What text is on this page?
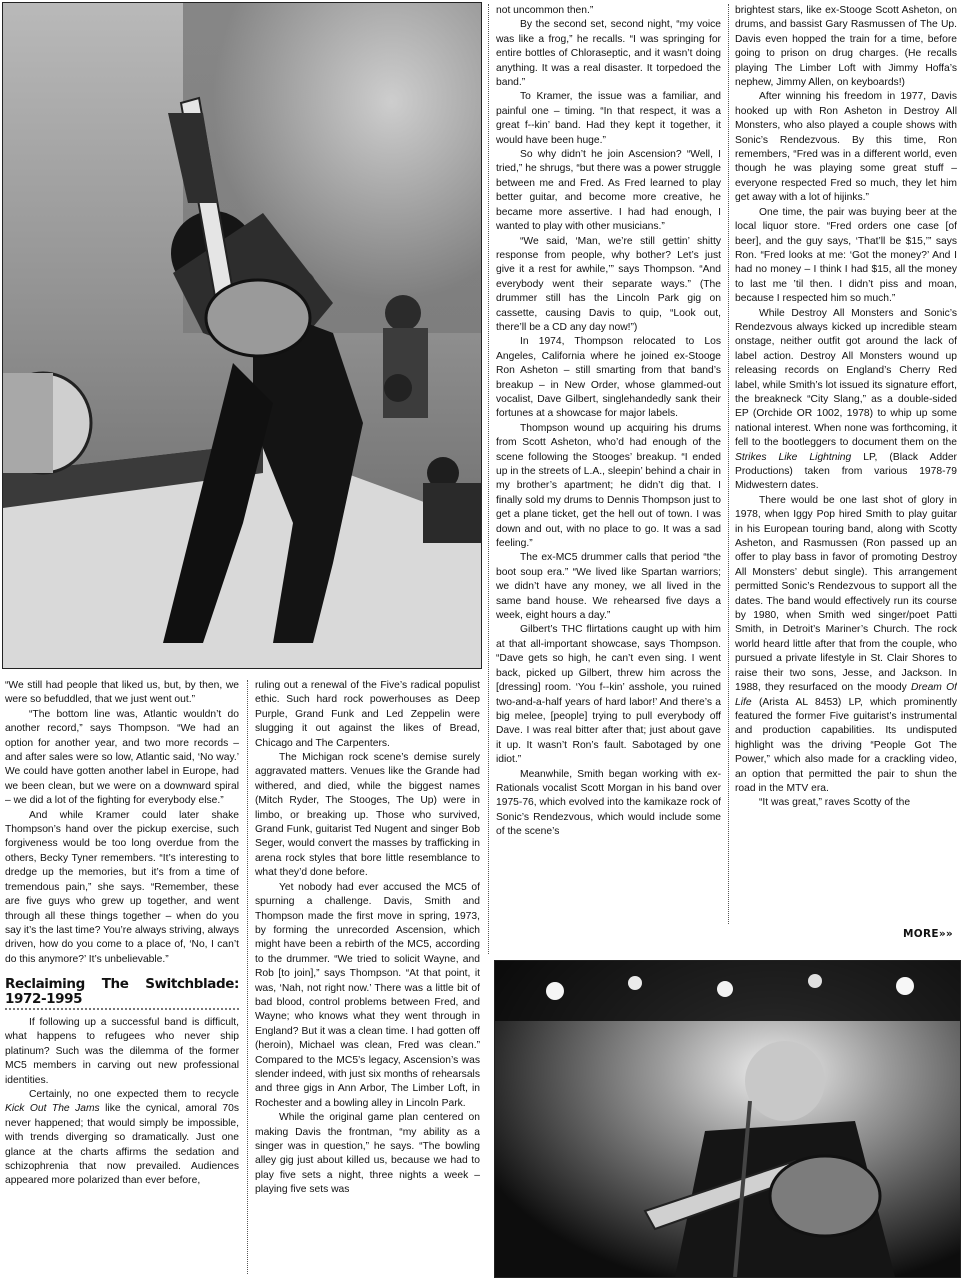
“We still had people that liked us, but, by then, we were so befuddled, that we just went out.”

“The bottom line was, Atlantic wouldn’t do another record,” says Thompson. “We had an option for another year, and two more records – and after sales were so low, Atlantic said, ‘No way.’ We could have gotten another label in Europe, had we been clean, but we were on a downward spiral – we did a lot of the fighting for everybody else.”

And while Kramer could later shake Thompson’s hand over the pickup exercise, such forgiveness would be too long overdue from the others, Becky Tyner remembers. “It’s interesting to dredge up the memories, but it’s from a time of tremendous pain,” she says. “Remember, these are five guys who grew up together, and went through all these things together – when do you say it’s the last time? You’re always striving, always driven, how do you come to a place of, ‘No, I can’t do this anymore?’ It’s unbelievable.”

Reclaiming The Switchblade: 1972-1995

If following up a successful band is difficult, what happens to refugees who never ship platinum? Such was the dilemma of the former MC5 members in carving out new professional identities.

Certainly, no one expected them to recycle Kick Out The Jams like the cynical, amoral 70s never happened; that would simply be impossible, with trends diverging so dramatically. Just one glance at the charts affirms the sedation and schizophrenia that now prevailed. Audiences appeared more polarized than ever before,

ruling out a renewal of the Five’s radical populist ethic. Such hard rock powerhouses as Deep Purple, Grand Funk and Led Zeppelin were slugging it out against the likes of Bread, Chicago and The Carpenters.

The Michigan rock scene’s demise surely aggravated matters. Venues like the Grande had withered, and died, while the biggest names (Mitch Ryder, The Stooges, The Up) were in limbo, or breaking up. Those who survived, Grand Funk, guitarist Ted Nugent and singer Bob Seger, would convert the masses by trafficking in arena rock styles that bore little resemblance to what they’d done before.

Yet nobody had ever accused the MC5 of spurning a challenge. Davis, Smith and Thompson made the first move in spring, 1973, by forming the unrecorded Ascension, which might have been a rebirth of the MC5, according to the drummer. “We tried to solicit Wayne, and Rob [to join],” says Thompson. “At that point, it was, ‘Nah, not right now.’ There was a little bit of bad blood, control problems between Fred, and Wayne; who knows what they went through in England? But it was a clean time. I had gotten off (heroin), Michael was clean, Fred was clean.” Compared to the MC5’s legacy, Ascension’s was slender indeed, with just six months of rehearsals and three gigs in Ann Arbor, The Limber Loft, in Rochester and a bowling alley in Lincoln Park.

While the original game plan centered on making Davis the frontman, “my ability as a singer was in question,” he says. “The bowling alley gig just about killed us, because we had to play five sets a night, three nights a week – playing five sets was

not uncommon then.”

By the second set, second night, “my voice was like a frog,” he recalls. “I was springing for entire bottles of Chloraseptic, and it wasn’t doing anything. It was a real disaster. It torpedoed the band.”

To Kramer, the issue was a familiar, and painful one – timing. “In that respect, it was a great f--kin’ band. Had they kept it together, it would have been huge.”

So why didn’t he join Ascension? “Well, I tried,” he shrugs, “but there was a power struggle between me and Fred. As Fred learned to play better guitar, and become more creative, he became more assertive. I had had enough, I wanted to play with other musicians.”

“We said, ‘Man, we’re still gettin’ shitty response from people, why bother? Let’s just give it a rest for awhile,’” says Thompson. “And everybody went their separate ways.” (The drummer still has the Lincoln Park gig on cassette, causing Davis to quip, “Look out, there’ll be a CD any day now!”)

In 1974, Thompson relocated to Los Angeles, California where he joined ex-Stooge Ron Asheton – still smarting from that band’s breakup – in New Order, whose glammed-out vocalist, Dave Gilbert, singlehandedly sank their fortunes at a showcase for major labels.

Thompson wound up acquiring his drums from Scott Asheton, who’d had enough of the scene following the Stooges’ breakup. “I ended up in the streets of L.A., sleepin’ behind a chair in my brother’s apartment; he didn’t dig that. I finally sold my drums to Dennis Thompson just to get a plane ticket, get the hell out of town. I was down and out, with no place to go. It was a sad feeling.”

The ex-MC5 drummer calls that period “the boot soup era.” “We lived like Spartan warriors; we didn’t have any money, we all lived in the same band house. We rehearsed five days a week, eight hours a day.”

Gilbert’s THC flirtations caught up with him at that all-important showcase, says Thompson. “Dave gets so high, he can’t even sing. I went back, picked up Gilbert, threw him across the [dressing] room. ‘You f--kin’ asshole, you ruined two-and-a-half years of hard labor!’ And there’s a big melee, [people] trying to pull everybody off Dave. I was real bitter after that; just about gave it up. It wasn’t Ron’s fault. Sabotaged by one idiot.”

Meanwhile, Smith began working with ex-Rationals vocalist Scott Morgan in his band over 1975-76, which evolved into the kamikaze rock of Sonic’s Rendezvous, which would include some of the scene’s

brightest stars, like ex-Stooge Scott Asheton, on drums, and bassist Gary Rasmussen of The Up. Davis even hopped the train for a time, before going to prison on drug charges. (He recalls playing The Limber Loft with Jimmy Hoffa’s nephew, Jimmy Allen, on keyboards!)

After winning his freedom in 1977, Davis hooked up with Ron Asheton in Destroy All Monsters, who also played a couple shows with Sonic’s Rendezvous. By this time, Ron remembers, “Fred was in a different world, even though he was playing some great stuff – everyone respected Fred so much, they let him get away with a lot of hijinks.”

One time, the pair was buying beer at the local liquor store. “Fred orders one case [of beer], and the guy says, ‘That’ll be $15,’” says Ron. “Fred looks at me: ‘Got the money?’ And I had no money – I think I had $15, all the money to last me ’til then. I didn’t piss and moan, because I respected him so much.”

While Destroy All Monsters and Sonic’s Rendezvous always kicked up incredible steam onstage, neither outfit got around the lack of label action. Destroy All Monsters wound up releasing records on England’s Cherry Red label, while Smith’s lot issued its signature effort, the breakneck “City Slang,” as a double-sided EP (Orchide OR 1002, 1978) to whip up some national interest. When none was forthcoming, it fell to the bootleggers to document them on the Strikes Like Lightning LP, (Black Adder Productions) taken from various 1978-79 Midwestern dates.

There would be one last shot of glory in 1978, when Iggy Pop hired Smith to play guitar in his European touring band, along with Scotty Asheton, and Rasmussen (Ron passed up an offer to play bass in favor of promoting Destroy All Monsters’ debut single). This arrangement permitted Sonic’s Rendezvous to support all the dates. The band would effectively run its course by 1980, when Smith wed singer/poet Patti Smith, in Detroit’s Mariner’s Church. The rock world heard little after that from the couple, who pursued a private lifestyle in St. Clair Shores to raise their two sons, Jesse, and Jackson. In 1988, they resurfaced on the moody Dream Of Life (Arista AL 8453) LP, which prominently featured the former Five guitarist’s instrumental and production capabilities. Its undisputed highlight was the driving “People Got The Power,” which also made for a crackling video, an option that permitted the pair to shun the road in the MTV era.

“It was great,” raves Scotty of the

MORE»»
